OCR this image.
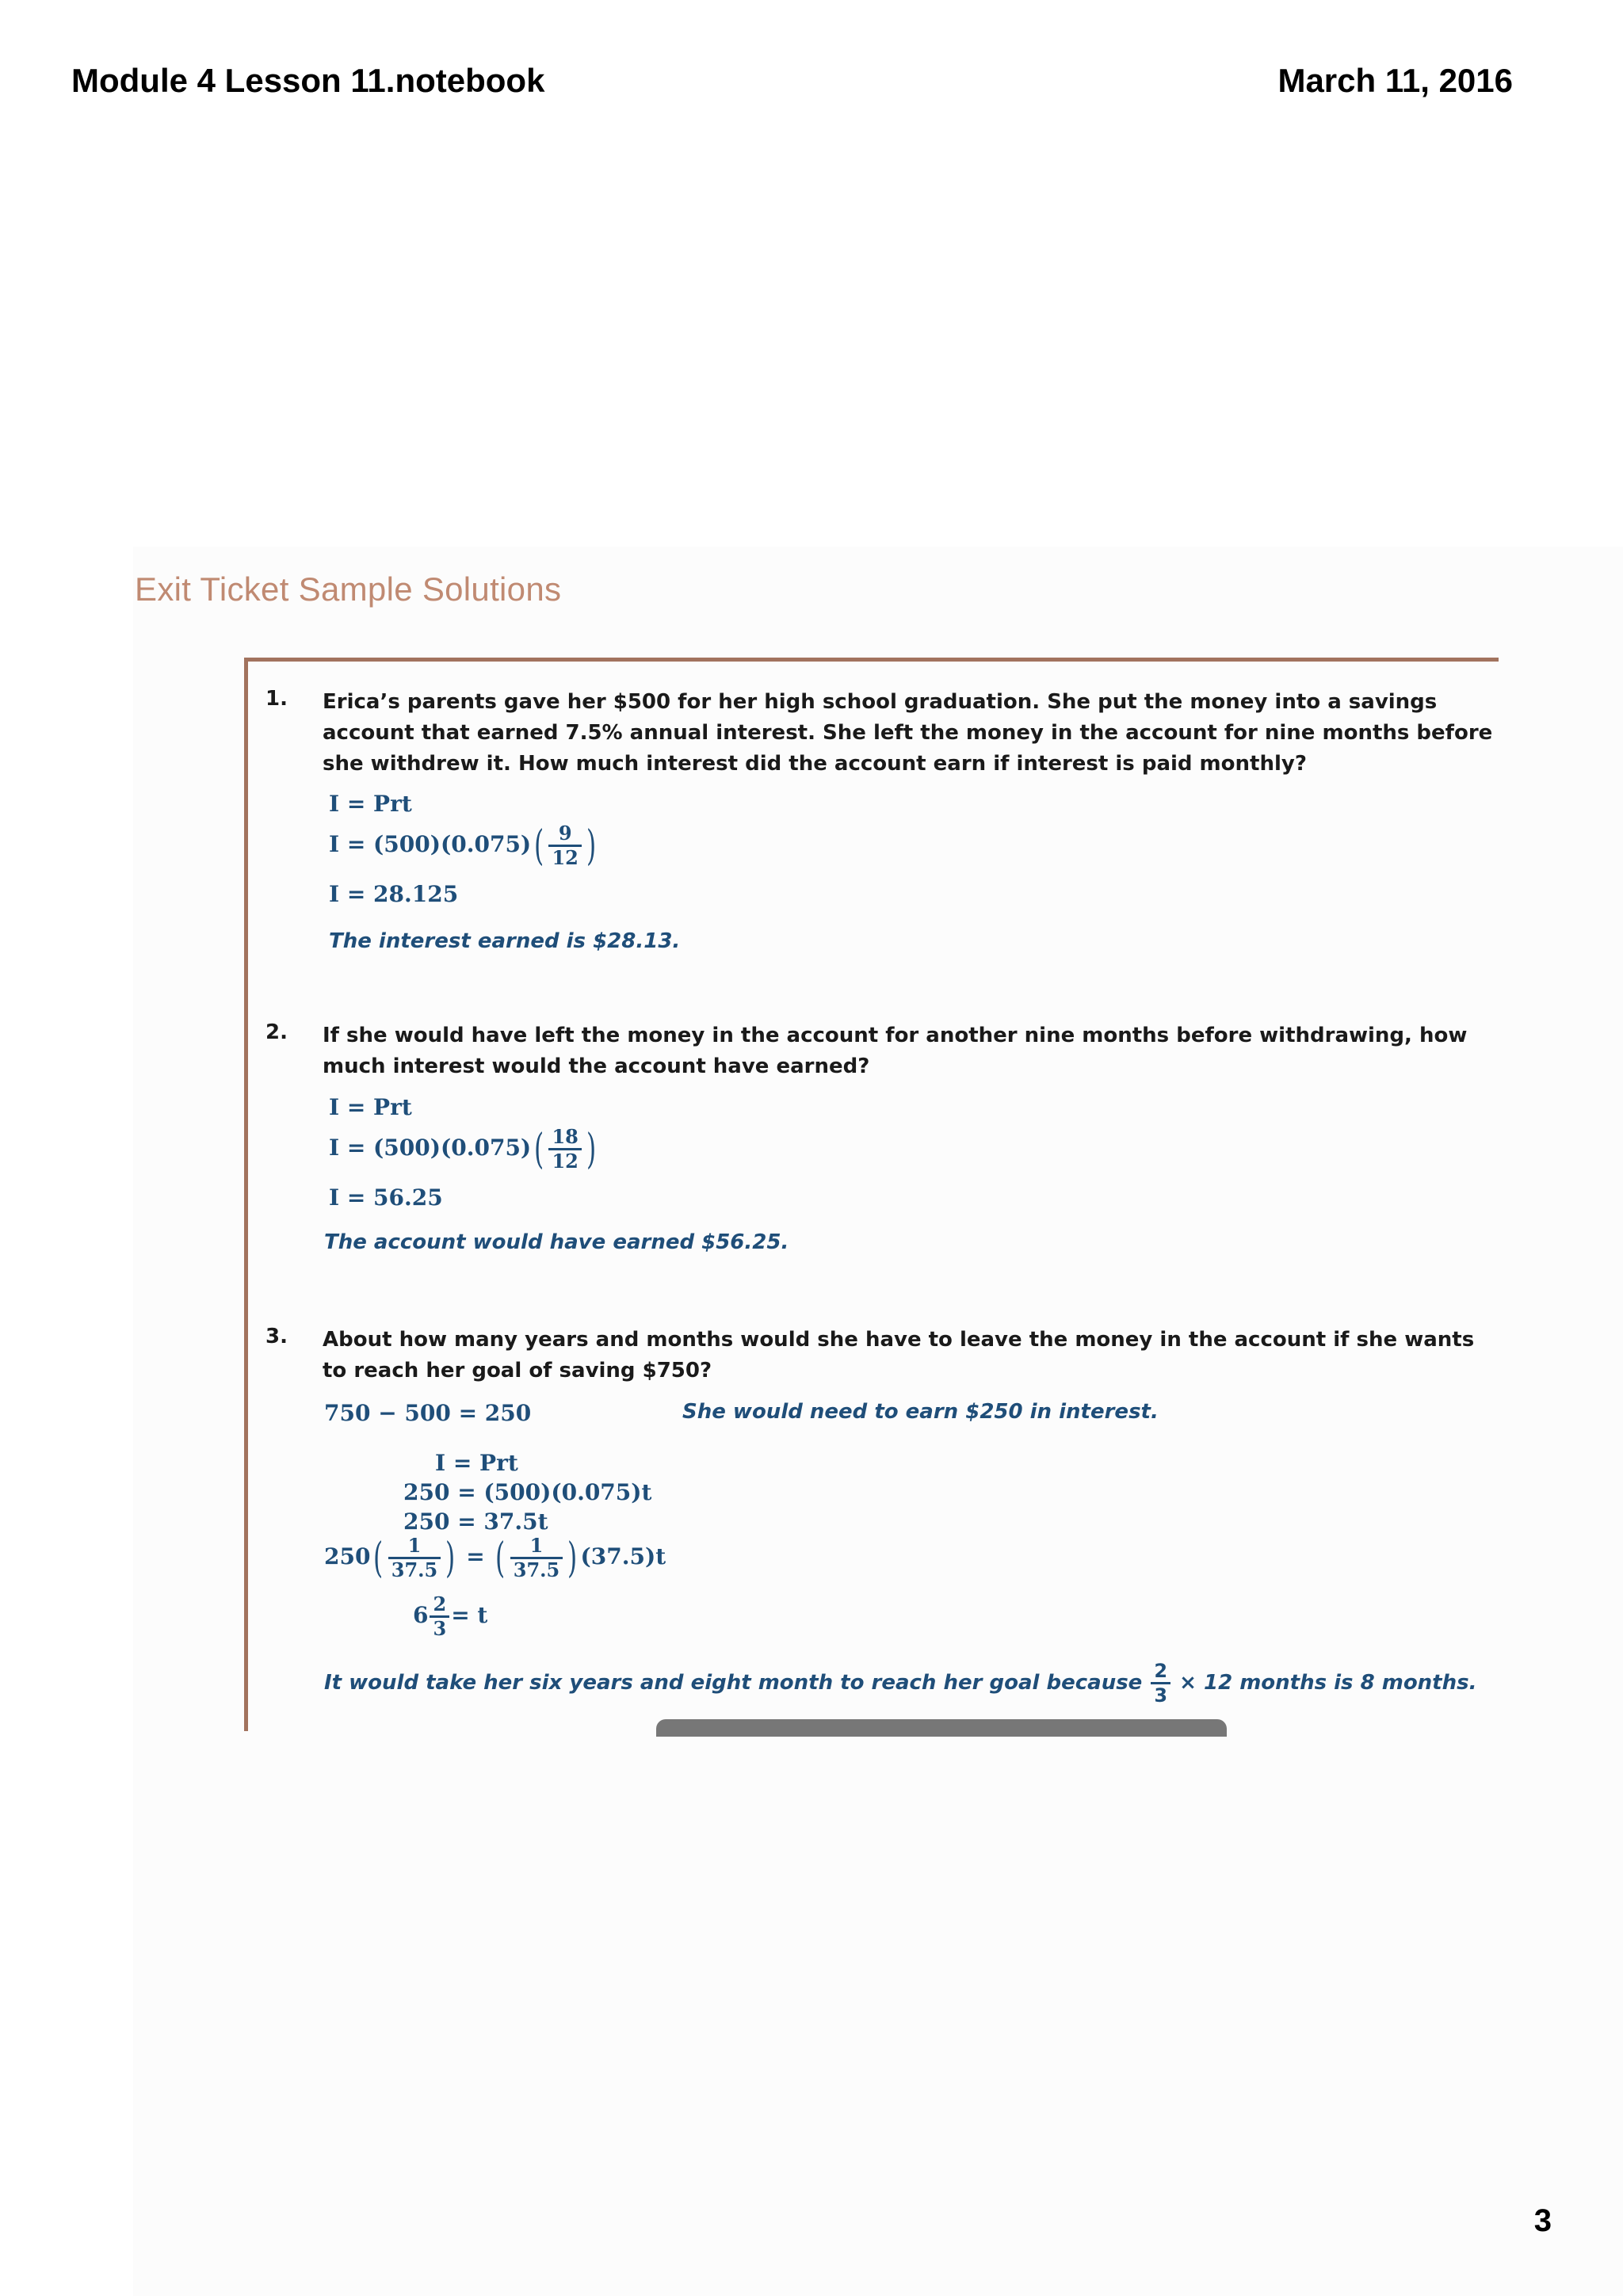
Module 4 Lesson 11.notebook	March 11, 2016
Exit Ticket Sample Solutions
1. Erica’s parents gave her $500 for her high school graduation. She put the money into a savings account that earned 7.5% annual interest. She left the money in the account for nine months before she withdrew it. How much interest did the account earn if interest is paid monthly?
I = Prt
$I = (500)(0.075)( \frac{9}{12}$ )
I = 28.125
The interest earned is $28.13.
2. If she would have left the money in the account for another nine months before withdrawing, how much interest would the account have earned?
I = Prt
$I = (500)(0.075)( \frac{18}{12}$ )
I = 56.25
The account would have earned $56.25.
3. About how many years and months would she have to leave the money in the account if she wants to reach her goal of saving $750?
750 − 500 = 250	She would need to earn $250 in interest.
I = Prt
250 = (500)(0.075)t
250 = 37.5t
$250( \frac{1}{37.5}$ ) = ( $\frac{1}{37.5}$ ) (37.5)t
$6 \frac{2}{3} = t$
It would take her six years and eight month to reach her goal because $\frac{2}{3} \times 12$ months is 8 months.
3
